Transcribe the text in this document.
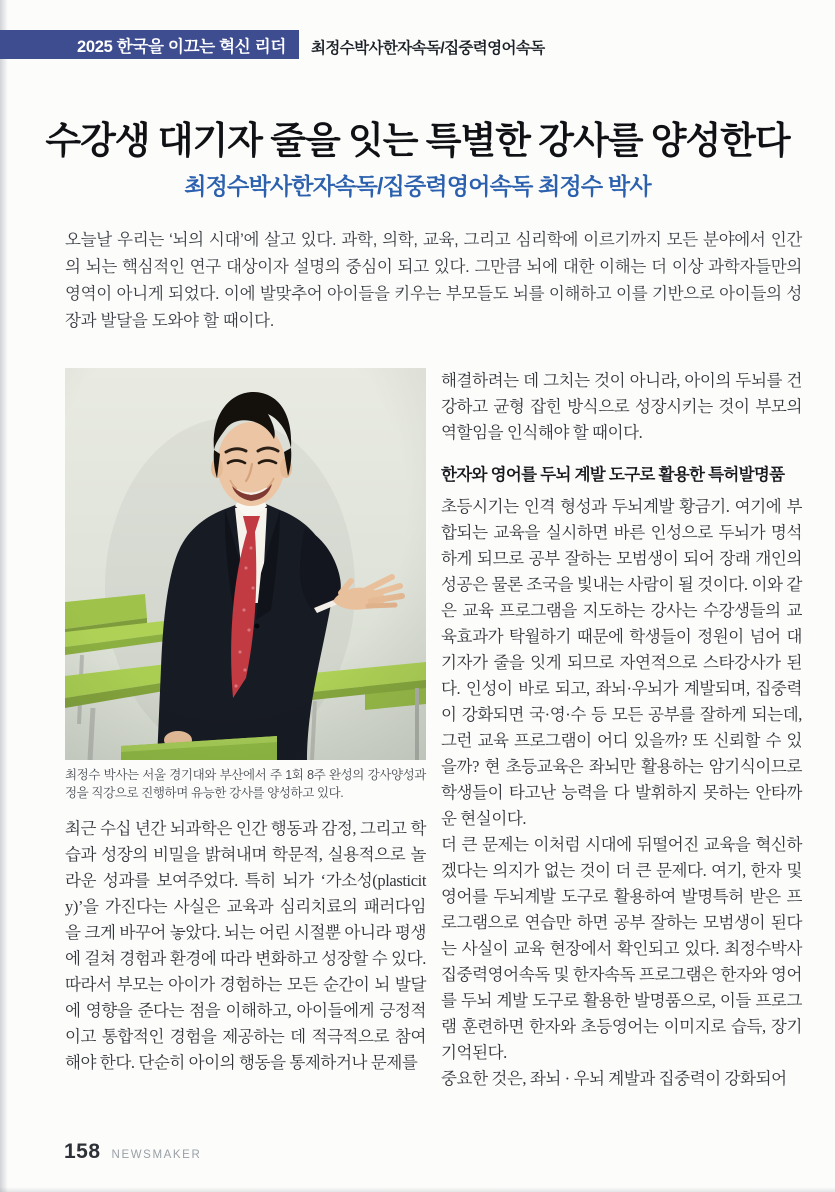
2025 한국을 이끄는 혁신 리더 최정수박사한자속독/집중력영어속독
수강생 대기자 줄을 잇는 특별한 강사를 양성한다
최정수박사한자속독/집중력영어속독 최정수 박사

오늘날 우리는 ‘뇌의 시대’에 살고 있다. 과학, 의학, 교육, 그리고 심리학에 이르기까지 모든 분야에서 인간의 뇌는 핵심적인 연구 대상이자 설명의 중심이 되고 있다. 그만큼 뇌에 대한 이해는 더 이상 과학자들만의 영역이 아니게 되었다. 이에 발맞추어 아이들을 키우는 부모들도 뇌를 이해하고 이를 기반으로 아이들의 성장과 발달을 도와야 할 때이다.

최정수 박사는 서울 경기대와 부산에서 주 1회 8주 완성의 강사양성과정을 직강으로 진행하며 유능한 강사를 양성하고 있다.

최근 수십 년간 뇌과학은 인간 행동과 감정, 그리고 학습과 성장의 비밀을 밝혀내며 학문적, 실용적으로 놀라운 성과를 보여주었다. 특히 뇌가 ‘가소성(plasticity)’을 가진다는 사실은 교육과 심리치료의 패러다임을 크게 바꾸어 놓았다. 뇌는 어린 시절뿐 아니라 평생에 걸쳐 경험과 환경에 따라 변화하고 성장할 수 있다. 따라서 부모는 아이가 경험하는 모든 순간이 뇌 발달에 영향을 준다는 점을 이해하고, 아이들에게 긍정적이고 통합적인 경험을 제공하는 데 적극적으로 참여해야 한다. 단순히 아이의 행동을 통제하거나 문제를

해결하려는 데 그치는 것이 아니라, 아이의 두뇌를 건강하고 균형 잡힌 방식으로 성장시키는 것이 부모의 역할임을 인식해야 할 때이다.

한자와 영어를 두뇌 계발 도구로 활용한 특허발명품

초등시기는 인격 형성과 두뇌계발 황금기. 여기에 부합되는 교육을 실시하면 바른 인성으로 두뇌가 명석하게 되므로 공부 잘하는 모범생이 되어 장래 개인의 성공은 물론 조국을 빛내는 사람이 될 것이다. 이와 같은 교육 프로그램을 지도하는 강사는 수강생들의 교육효과가 탁월하기 때문에 학생들이 정원이 넘어 대기자가 줄을 잇게 되므로 자연적으로 스타강사가 된다. 인성이 바로 되고, 좌뇌·우뇌가 계발되며, 집중력이 강화되면 국·영·수 등 모든 공부를 잘하게 되는데, 그런 교육 프로그램이 어디 있을까? 또 신뢰할 수 있을까? 현 초등교육은 좌뇌만 활용하는 암기식이므로 학생들이 타고난 능력을 다 발휘하지 못하는 안타까운 현실이다.

더 큰 문제는 이처럼 시대에 뒤떨어진 교육을 혁신하겠다는 의지가 없는 것이 더 큰 문제다. 여기, 한자 및 영어를 두뇌계발 도구로 활용하여 발명특허 받은 프로그램으로 연습만 하면 공부 잘하는 모범생이 된다는 사실이 교육 현장에서 확인되고 있다. 최정수박사 집중력영어속독 및 한자속독 프로그램은 한자와 영어를 두뇌 계발 도구로 활용한 발명품으로, 이들 프로그램 훈련하면 한자와 초등영어는 이미지로 습득, 장기기억된다.

중요한 것은, 좌뇌 · 우뇌 계발과 집중력이 강화되어

158 NEWSMAKER
